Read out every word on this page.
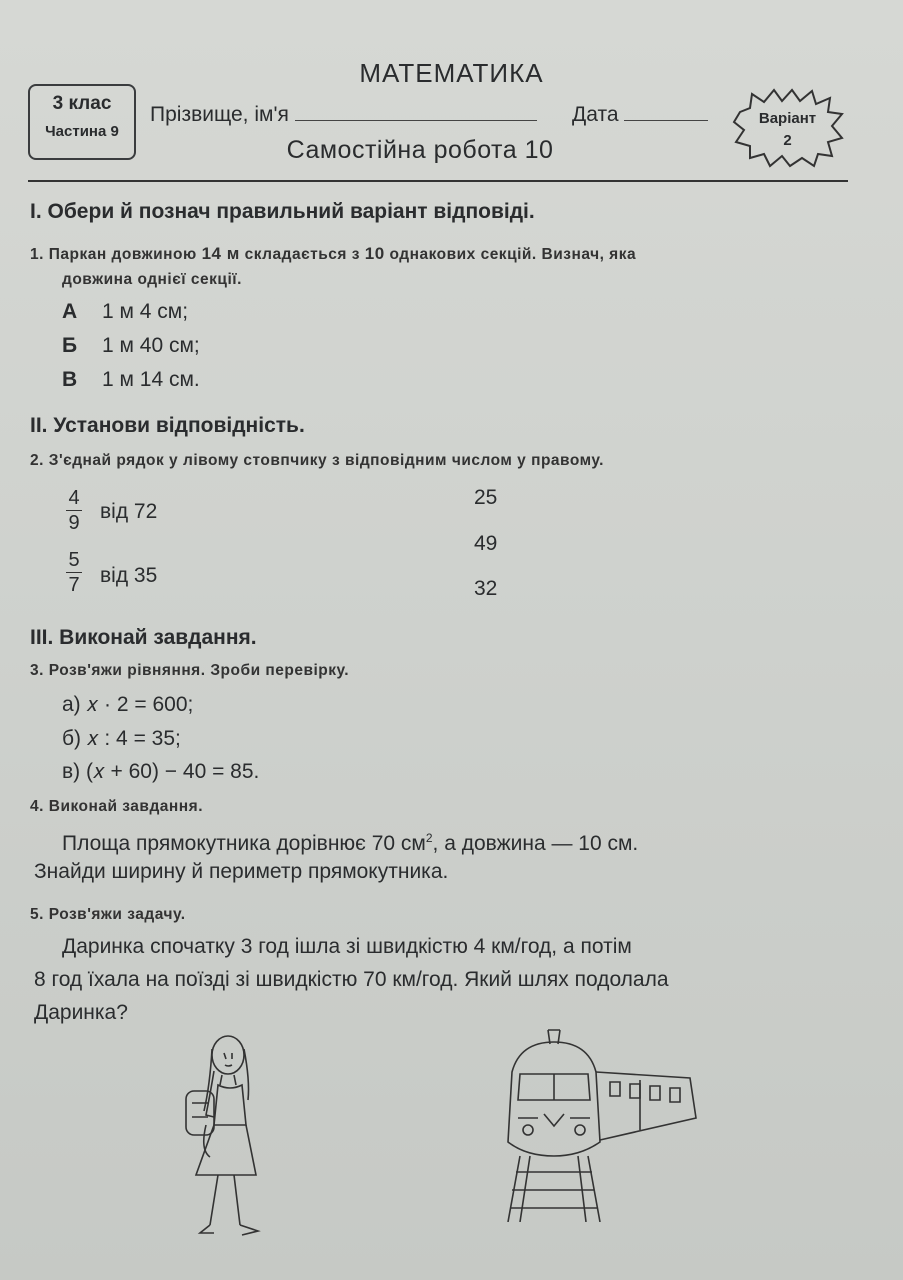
МАТЕМАТИКА
3 клас
Частина 9
Прізвище, ім'я	Дата
Самостійна робота 10
Варіант
2
I. Обери й познач правильний варіант відповіді.
1. Паркан довжиною 14 м складається з 10 однакових секцій. Визнач, яка
довжина однієї секції.
А 1 м 4 см;
Б 1 м 40 см;
В 1 м 14 см.
II. Установи відповідність.
2. З'єднай рядок у лівому стовпчику з відповідним числом у правому.
4
9 від 72
5
7 від 35
25
49
32
III. Виконай завдання.
3. Розв'яжи рівняння. Зроби перевірку.
а) 𝑥 · 2 = 600;
б) 𝑥 : 4 = 35;
в) (𝑥 + 60) − 40 = 85.
4. Виконай завдання.
Площа прямокутника дорівнює 70 $см^2$, а довжина — 10 см.
Знайди ширину й периметр прямокутника.
5. Розв'яжи задачу.
Даринка спочатку 3 год ішла зі швидкістю 4 км/год, а потім
8 год їхала на поїзді зі швидкістю 70 км/год. Який шлях подолала
Даринка?
